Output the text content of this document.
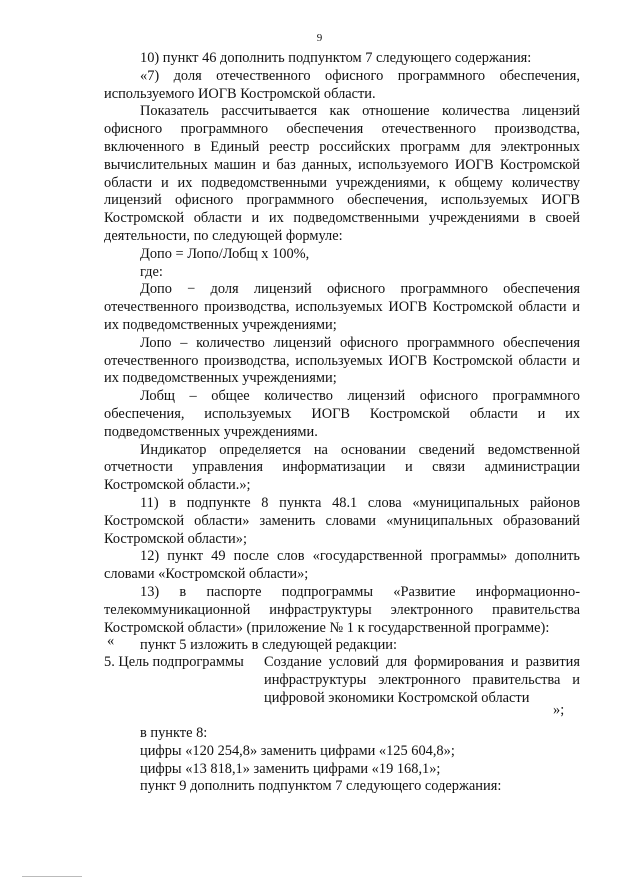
9

10) пункт 46 дополнить подпунктом 7 следующего содержания:

«7) доля отечественного офисного программного обеспечения, используемого ИОГВ Костромской области.

Показатель рассчитывается как отношение количества лицензий офисного программного обеспечения отечественного производства, включенного в Единый реестр российских программ для электронных вычислительных машин и баз данных, используемого ИОГВ Костромской области и их подведомственными учреждениями, к общему количеству лицензий офисного программного обеспечения, используемых ИОГВ Костромской области и их подведомственными учреждениями в своей деятельности, по следующей формуле:

Допо = Лопо/Лобщ х 100%,

где:

Допо − доля лицензий офисного программного обеспечения отечественного производства, используемых ИОГВ Костромской области и их подведомственных учреждениями;

Лопо – количество лицензий офисного программного обеспечения отечественного производства, используемых ИОГВ Костромской области и их подведомственных учреждениями;

Лобщ – общее количество лицензий офисного программного обеспечения, используемых ИОГВ Костромской области и их подведомственных учреждениями.

Индикатор определяется на основании сведений ведомственной отчетности управления информатизации и связи администрации Костромской области.»;

11) в подпункте 8 пункта 48.1 слова «муниципальных районов Костромской области» заменить словами «муниципальных образований Костромской области»;

12) пункт 49 после слов «государственной программы» дополнить словами «Костромской области»;

13) в паспорте подпрограммы «Развитие информационно-телекоммуникационной инфраструктуры электронного правительства Костромской области» (приложение № 1 к государственной программе):

пункт 5 изложить в следующей редакции:

«
5. Цель подпрограммы Создание условий для формирования и развития инфраструктуры электронного правительства и цифровой экономики Костромской области
»;

в пункте 8:

цифры «120 254,8» заменить цифрами «125 604,8»;

цифры «13 818,1» заменить цифрами «19 168,1»;

пункт 9 дополнить подпунктом 7 следующего содержания:
